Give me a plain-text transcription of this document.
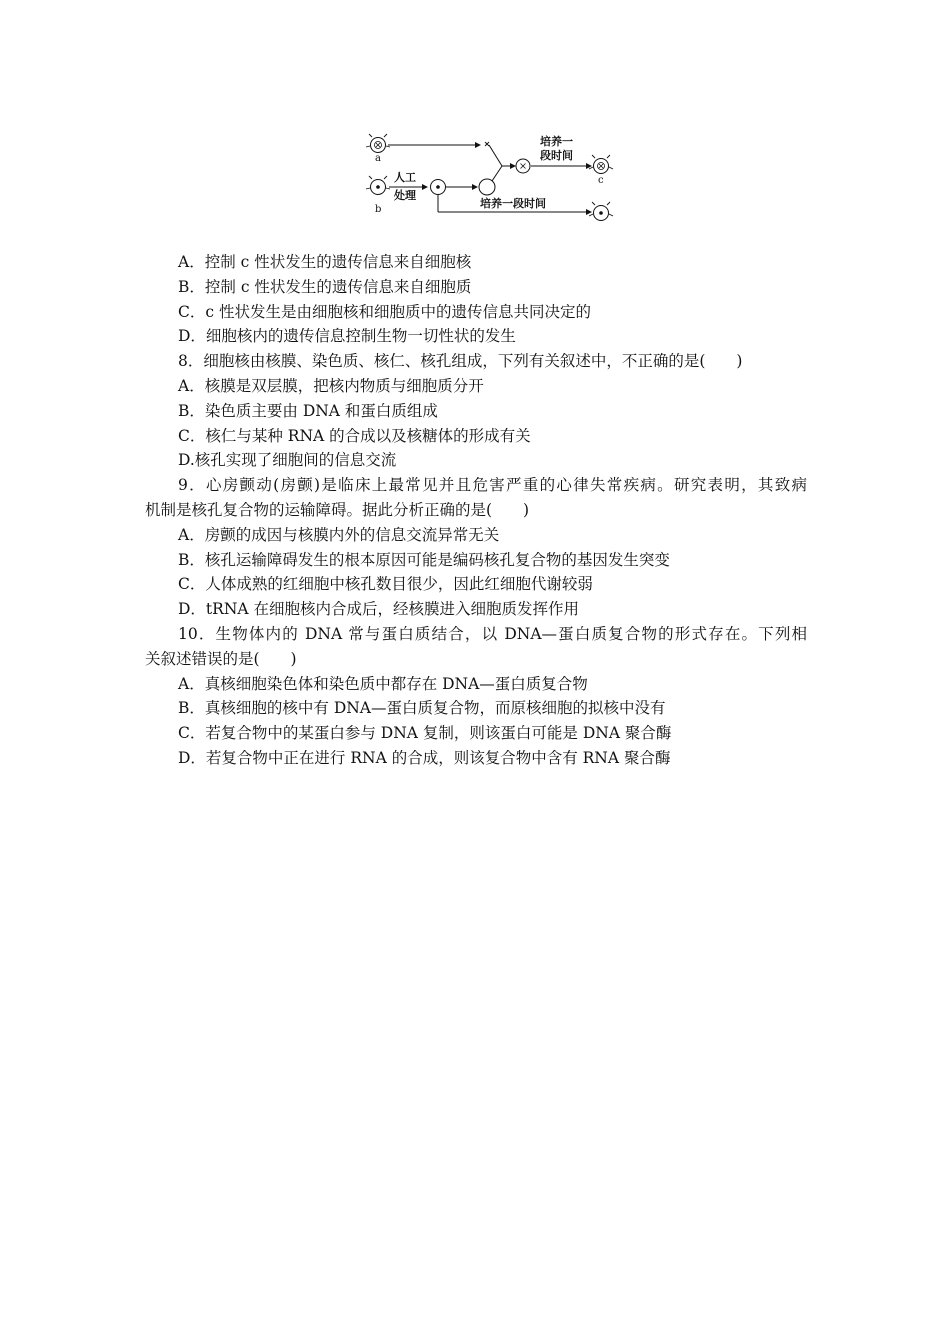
a
b
人工
处理
培养一
段时间
c
培养一段时间
A．控制 c 性状发生的遗传信息来自细胞核
B．控制 c 性状发生的遗传信息来自细胞质
C．c 性状发生是由细胞核和细胞质中的遗传信息共同决定的
D．细胞核内的遗传信息控制生物一切性状的发生
8．细胞核由核膜、染色质、核仁、核孔组成，下列有关叙述中，不正确的是(　　)
A．核膜是双层膜，把核内物质与细胞质分开
B．染色质主要由 DNA 和蛋白质组成
C．核仁与某种 RNA 的合成以及核糖体的形成有关
D.核孔实现了细胞间的信息交流
9．心房颤动(房颤)是临床上最常见并且危害严重的心律失常疾病。研究表明，其致病
机制是核孔复合物的运输障碍。据此分析正确的是(　　)
A．房颤的成因与核膜内外的信息交流异常无关
B．核孔运输障碍发生的根本原因可能是编码核孔复合物的基因发生突变
C．人体成熟的红细胞中核孔数目很少，因此红细胞代谢较弱
D．tRNA 在细胞核内合成后，经核膜进入细胞质发挥作用
10．生物体内的 DNA 常与蛋白质结合，以 DNA—蛋白质复合物的形式存在。下列相
关叙述错误的是(　　)
A．真核细胞染色体和染色质中都存在 DNA—蛋白质复合物
B．真核细胞的核中有 DNA—蛋白质复合物，而原核细胞的拟核中没有
C．若复合物中的某蛋白参与 DNA 复制，则该蛋白可能是 DNA 聚合酶
D．若复合物中正在进行 RNA 的合成，则该复合物中含有 RNA 聚合酶
